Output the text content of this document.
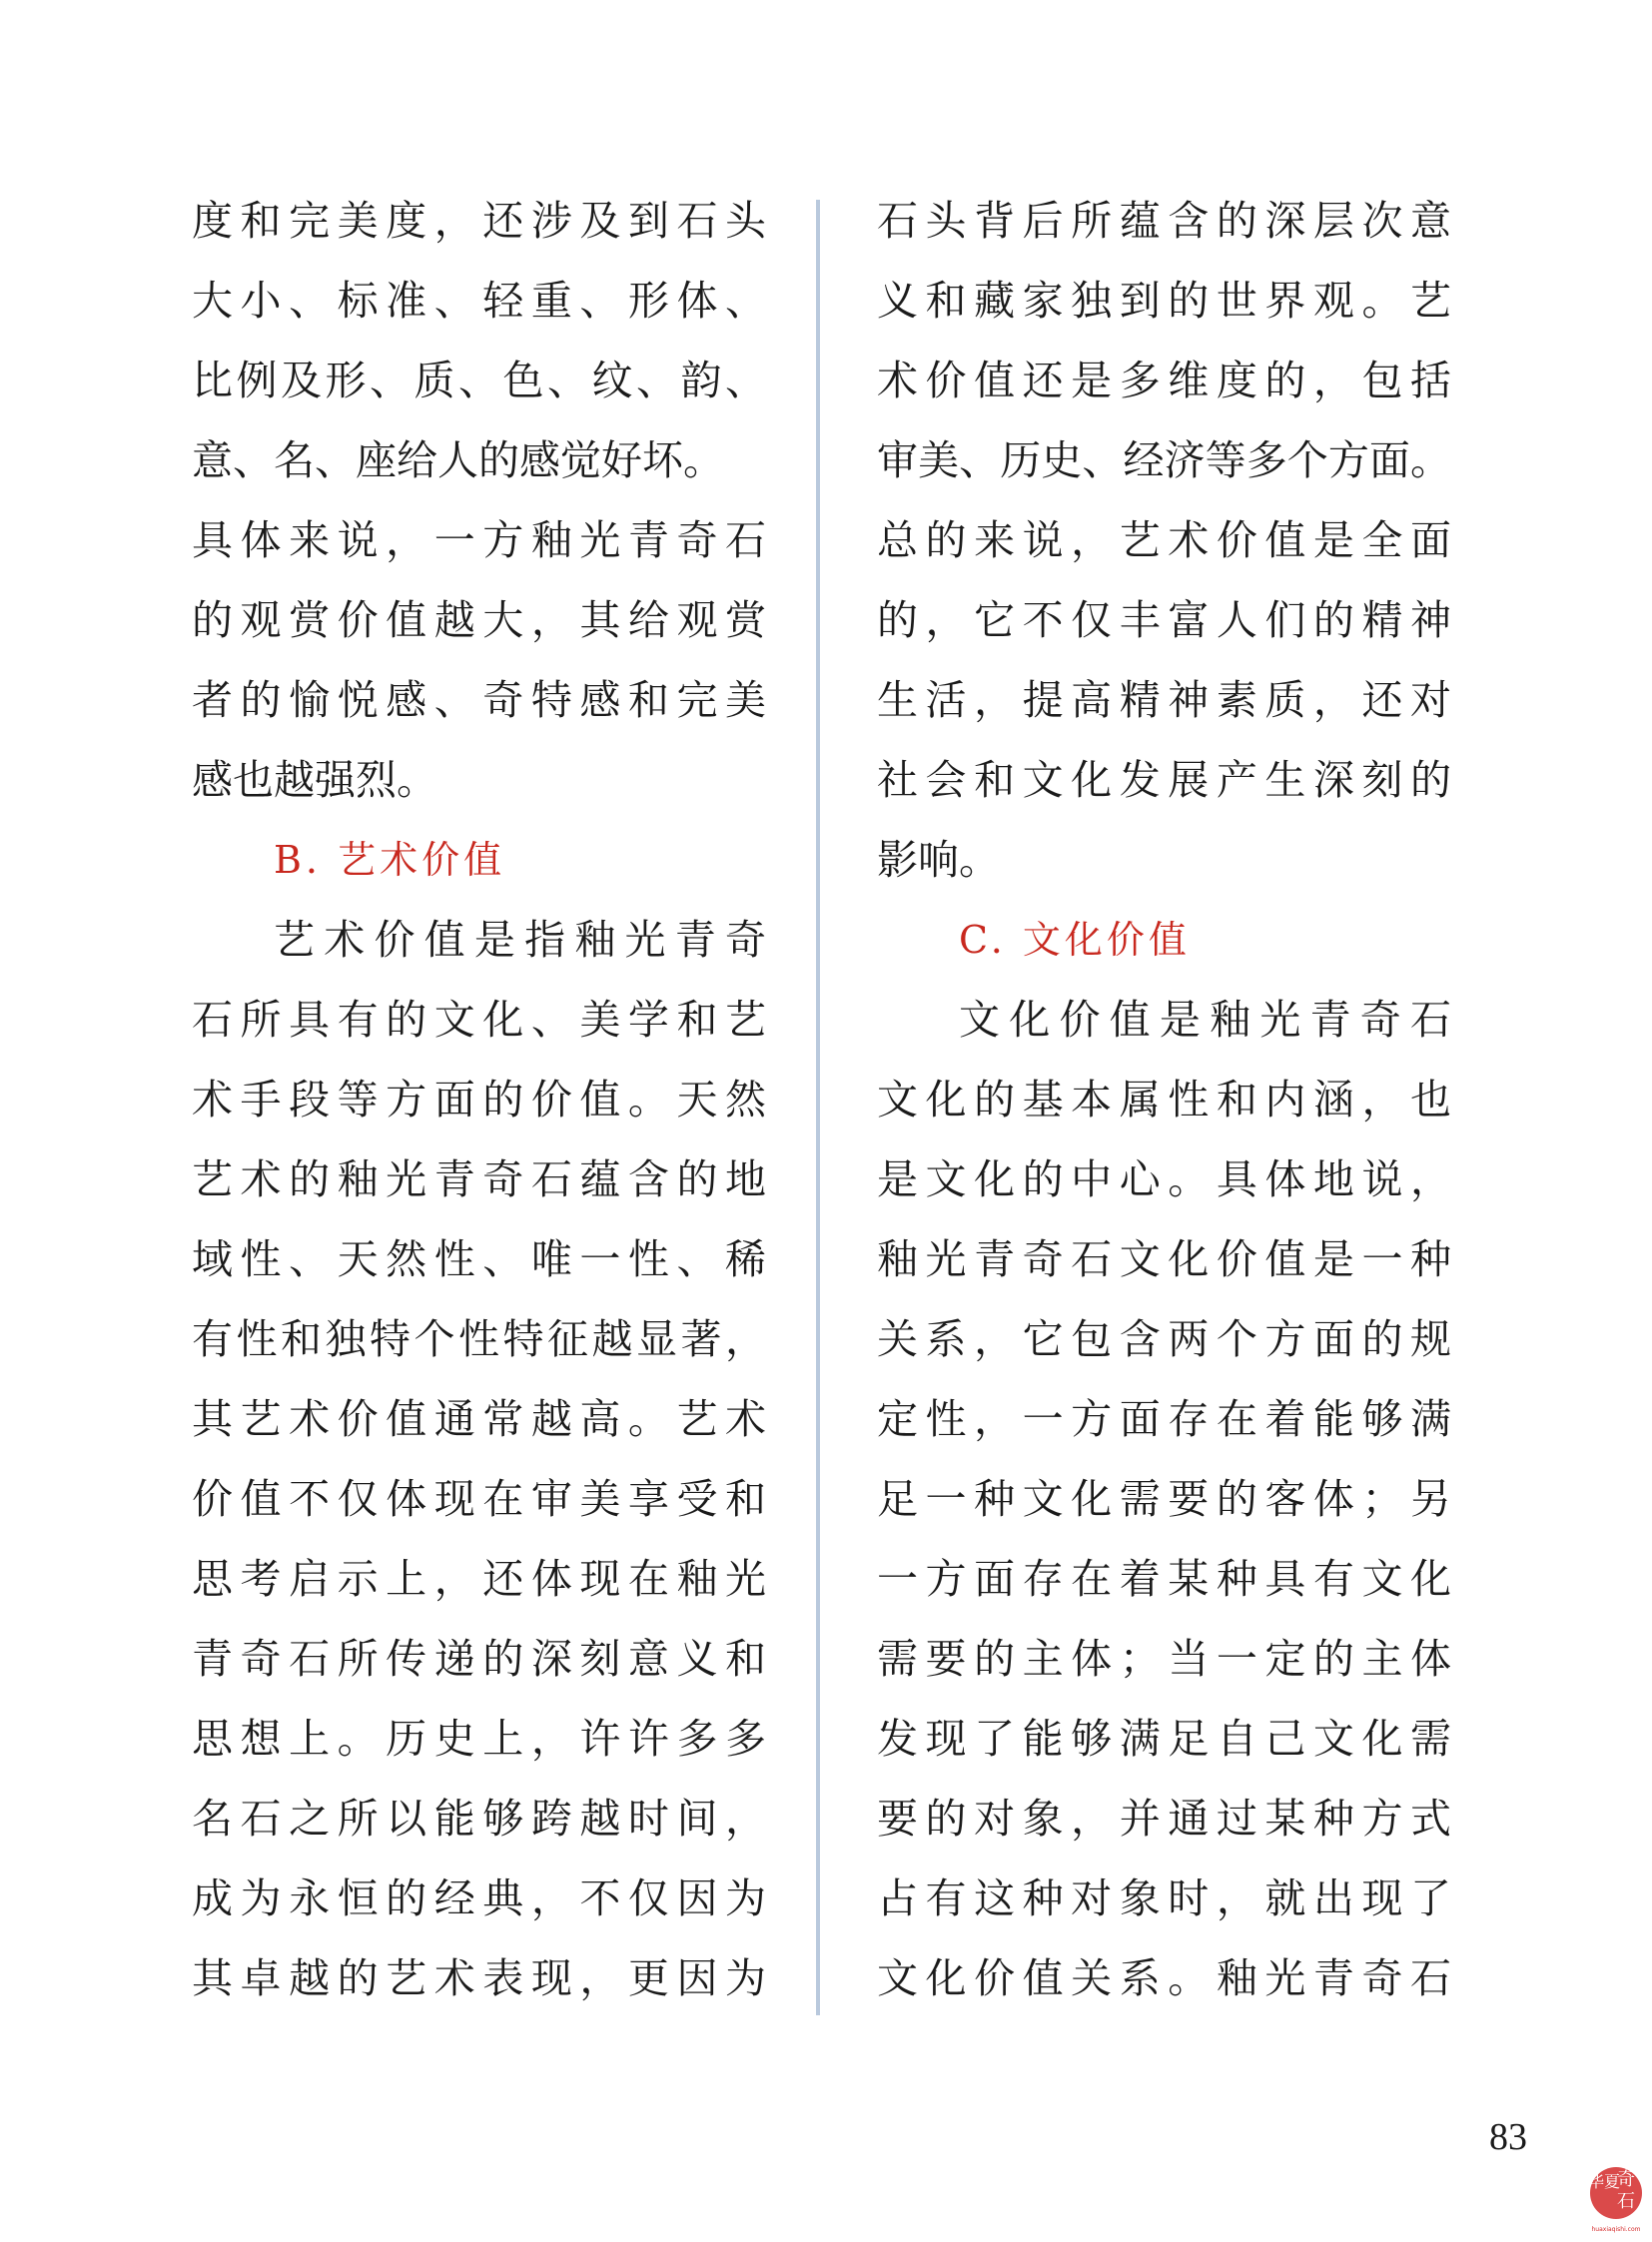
度和完美度，还涉及到石头
大小、标准、轻重、形体、
比例及形、质、色、纹、韵、
意、名、座给人的感觉好坏。
具体来说，一方釉光青奇石
的观赏价值越大，其给观赏
者的愉悦感、奇特感和完美
感也越强烈。
B. 艺术价值
艺术价值是指釉光青奇
石所具有的文化、美学和艺
术手段等方面的价值。天然
艺术的釉光青奇石蕴含的地
域性、天然性、唯一性、稀
有性和独特个性特征越显著，
其艺术价值通常越高。艺术
价值不仅体现在审美享受和
思考启示上，还体现在釉光
青奇石所传递的深刻意义和
思想上。历史上，许许多多
名石之所以能够跨越时间，
成为永恒的经典，不仅因为
其卓越的艺术表现，更因为
石头背后所蕴含的深层次意
义和藏家独到的世界观。艺
术价值还是多维度的，包括
审美、历史、经济等多个方面。
总的来说，艺术价值是全面
的，它不仅丰富人们的精神
生活，提高精神素质，还对
社会和文化发展产生深刻的
影响。
C. 文化价值
文化价值是釉光青奇石
文化的基本属性和内涵，也
是文化的中心。具体地说，
釉光青奇石文化价值是一种
关系，它包含两个方面的规
定性，一方面存在着能够满
足一种文化需要的客体；另
一方面存在着某种具有文化
需要的主体；当一定的主体
发现了能够满足自己文化需
要的对象，并通过某种方式
占有这种对象时，就出现了
文化价值关系。釉光青奇石
83
华夏
奇
石
huaxiaqishi.com
